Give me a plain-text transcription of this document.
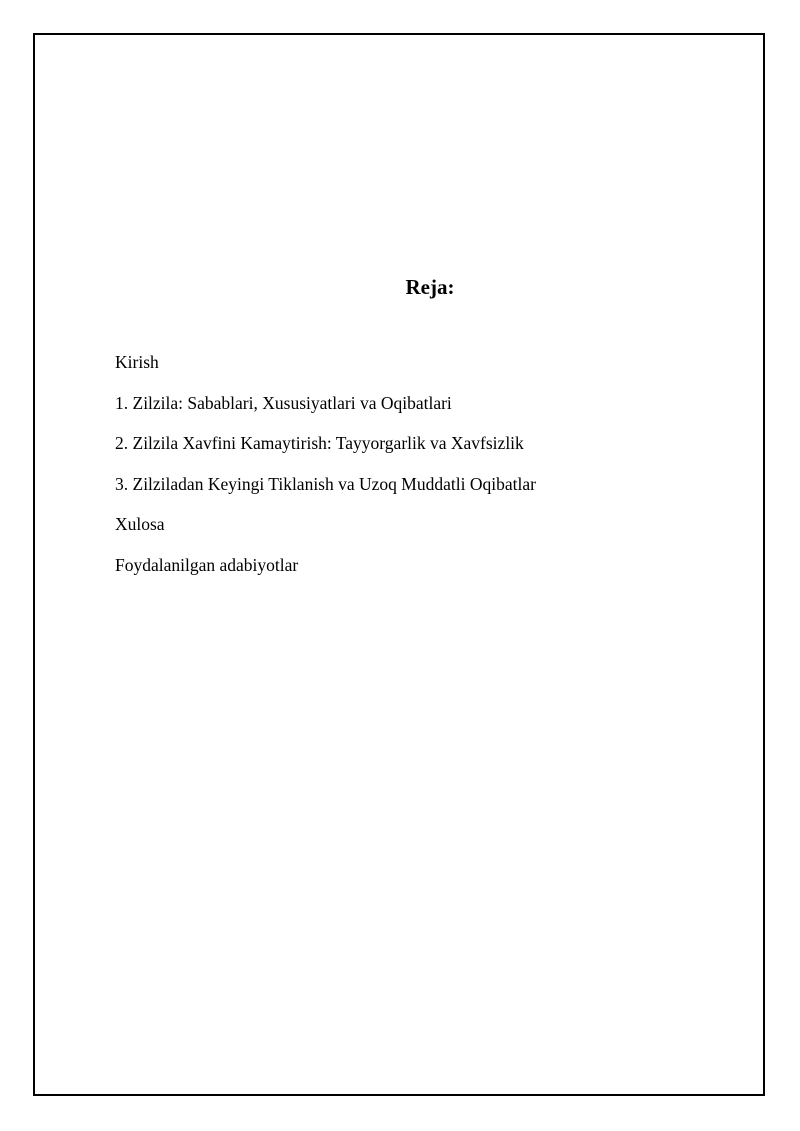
Reja:
Kirish
1. Zilzila: Sabablari, Xususiyatlari va Oqibatlari
2. Zilzila Xavfini Kamaytirish: Tayyorgarlik va Xavfsizlik
3. Zilziladan Keyingi Tiklanish va Uzoq Muddatli Oqibatlar
Xulosa
Foydalanilgan adabiyotlar
